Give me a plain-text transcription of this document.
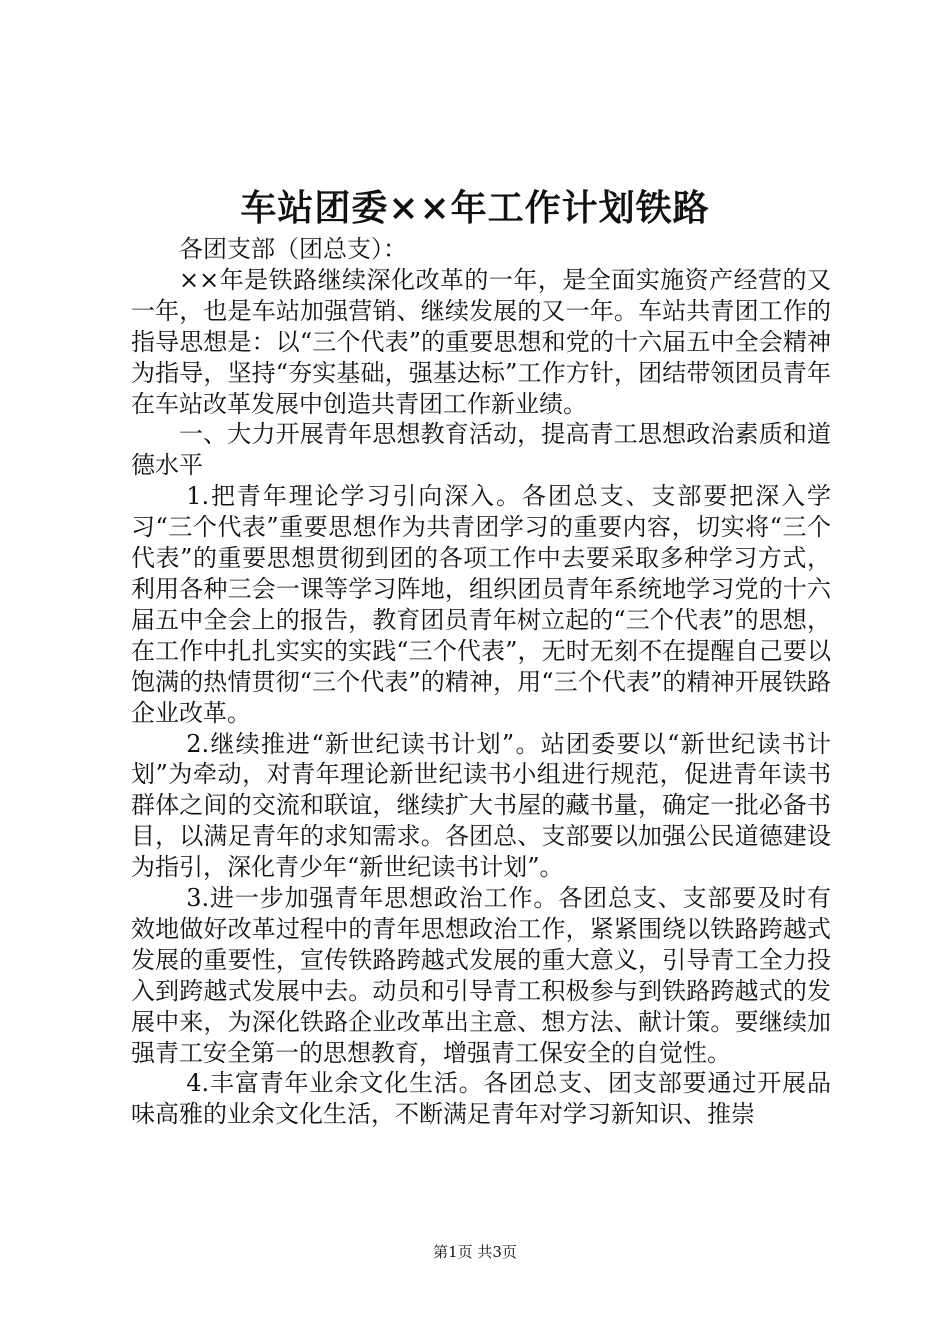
车站团委××年工作计划铁路

各团支部（团总支）：

××年是铁路继续深化改革的一年，是全面实施资产经营的又一年，也是车站加强营销、继续发展的又一年。车站共青团工作的指导思想是：以“三个代表”的重要思想和党的十六届五中全会精神为指导，坚持“夯实基础，强基达标”工作方针，团结带领团员青年在车站改革发展中创造共青团工作新业绩。

一、大力开展青年思想教育活动，提高青工思想政治素质和道德水平

1.把青年理论学习引向深入。各团总支、支部要把深入学习“三个代表”重要思想作为共青团学习的重要内容，切实将“三个代表”的重要思想贯彻到团的各项工作中去要采取多种学习方式，利用各种三会一课等学习阵地，组织团员青年系统地学习党的十六届五中全会上的报告，教育团员青年树立起的“三个代表”的思想，在工作中扎扎实实的实践“三个代表”，无时无刻不在提醒自己要以饱满的热情贯彻“三个代表”的精神，用“三个代表”的精神开展铁路企业改革。

2.继续推进“新世纪读书计划”。站团委要以“新世纪读书计划”为牵动，对青年理论新世纪读书小组进行规范，促进青年读书群体之间的交流和联谊，继续扩大书屋的藏书量，确定一批必备书目，以满足青年的求知需求。各团总、支部要以加强公民道德建设为指引，深化青少年“新世纪读书计划”。

3.进一步加强青年思想政治工作。各团总支、支部要及时有效地做好改革过程中的青年思想政治工作，紧紧围绕以铁路跨越式发展的重要性，宣传铁路跨越式发展的重大意义，引导青工全力投入到跨越式发展中去。动员和引导青工积极参与到铁路跨越式的发展中来，为深化铁路企业改革出主意、想方法、献计策。要继续加强青工安全第一的思想教育，增强青工保安全的自觉性。

4.丰富青年业余文化生活。各团总支、团支部要通过开展品味高雅的业余文化生活，不断满足青年对学习新知识、推崇

第1页 共3页
